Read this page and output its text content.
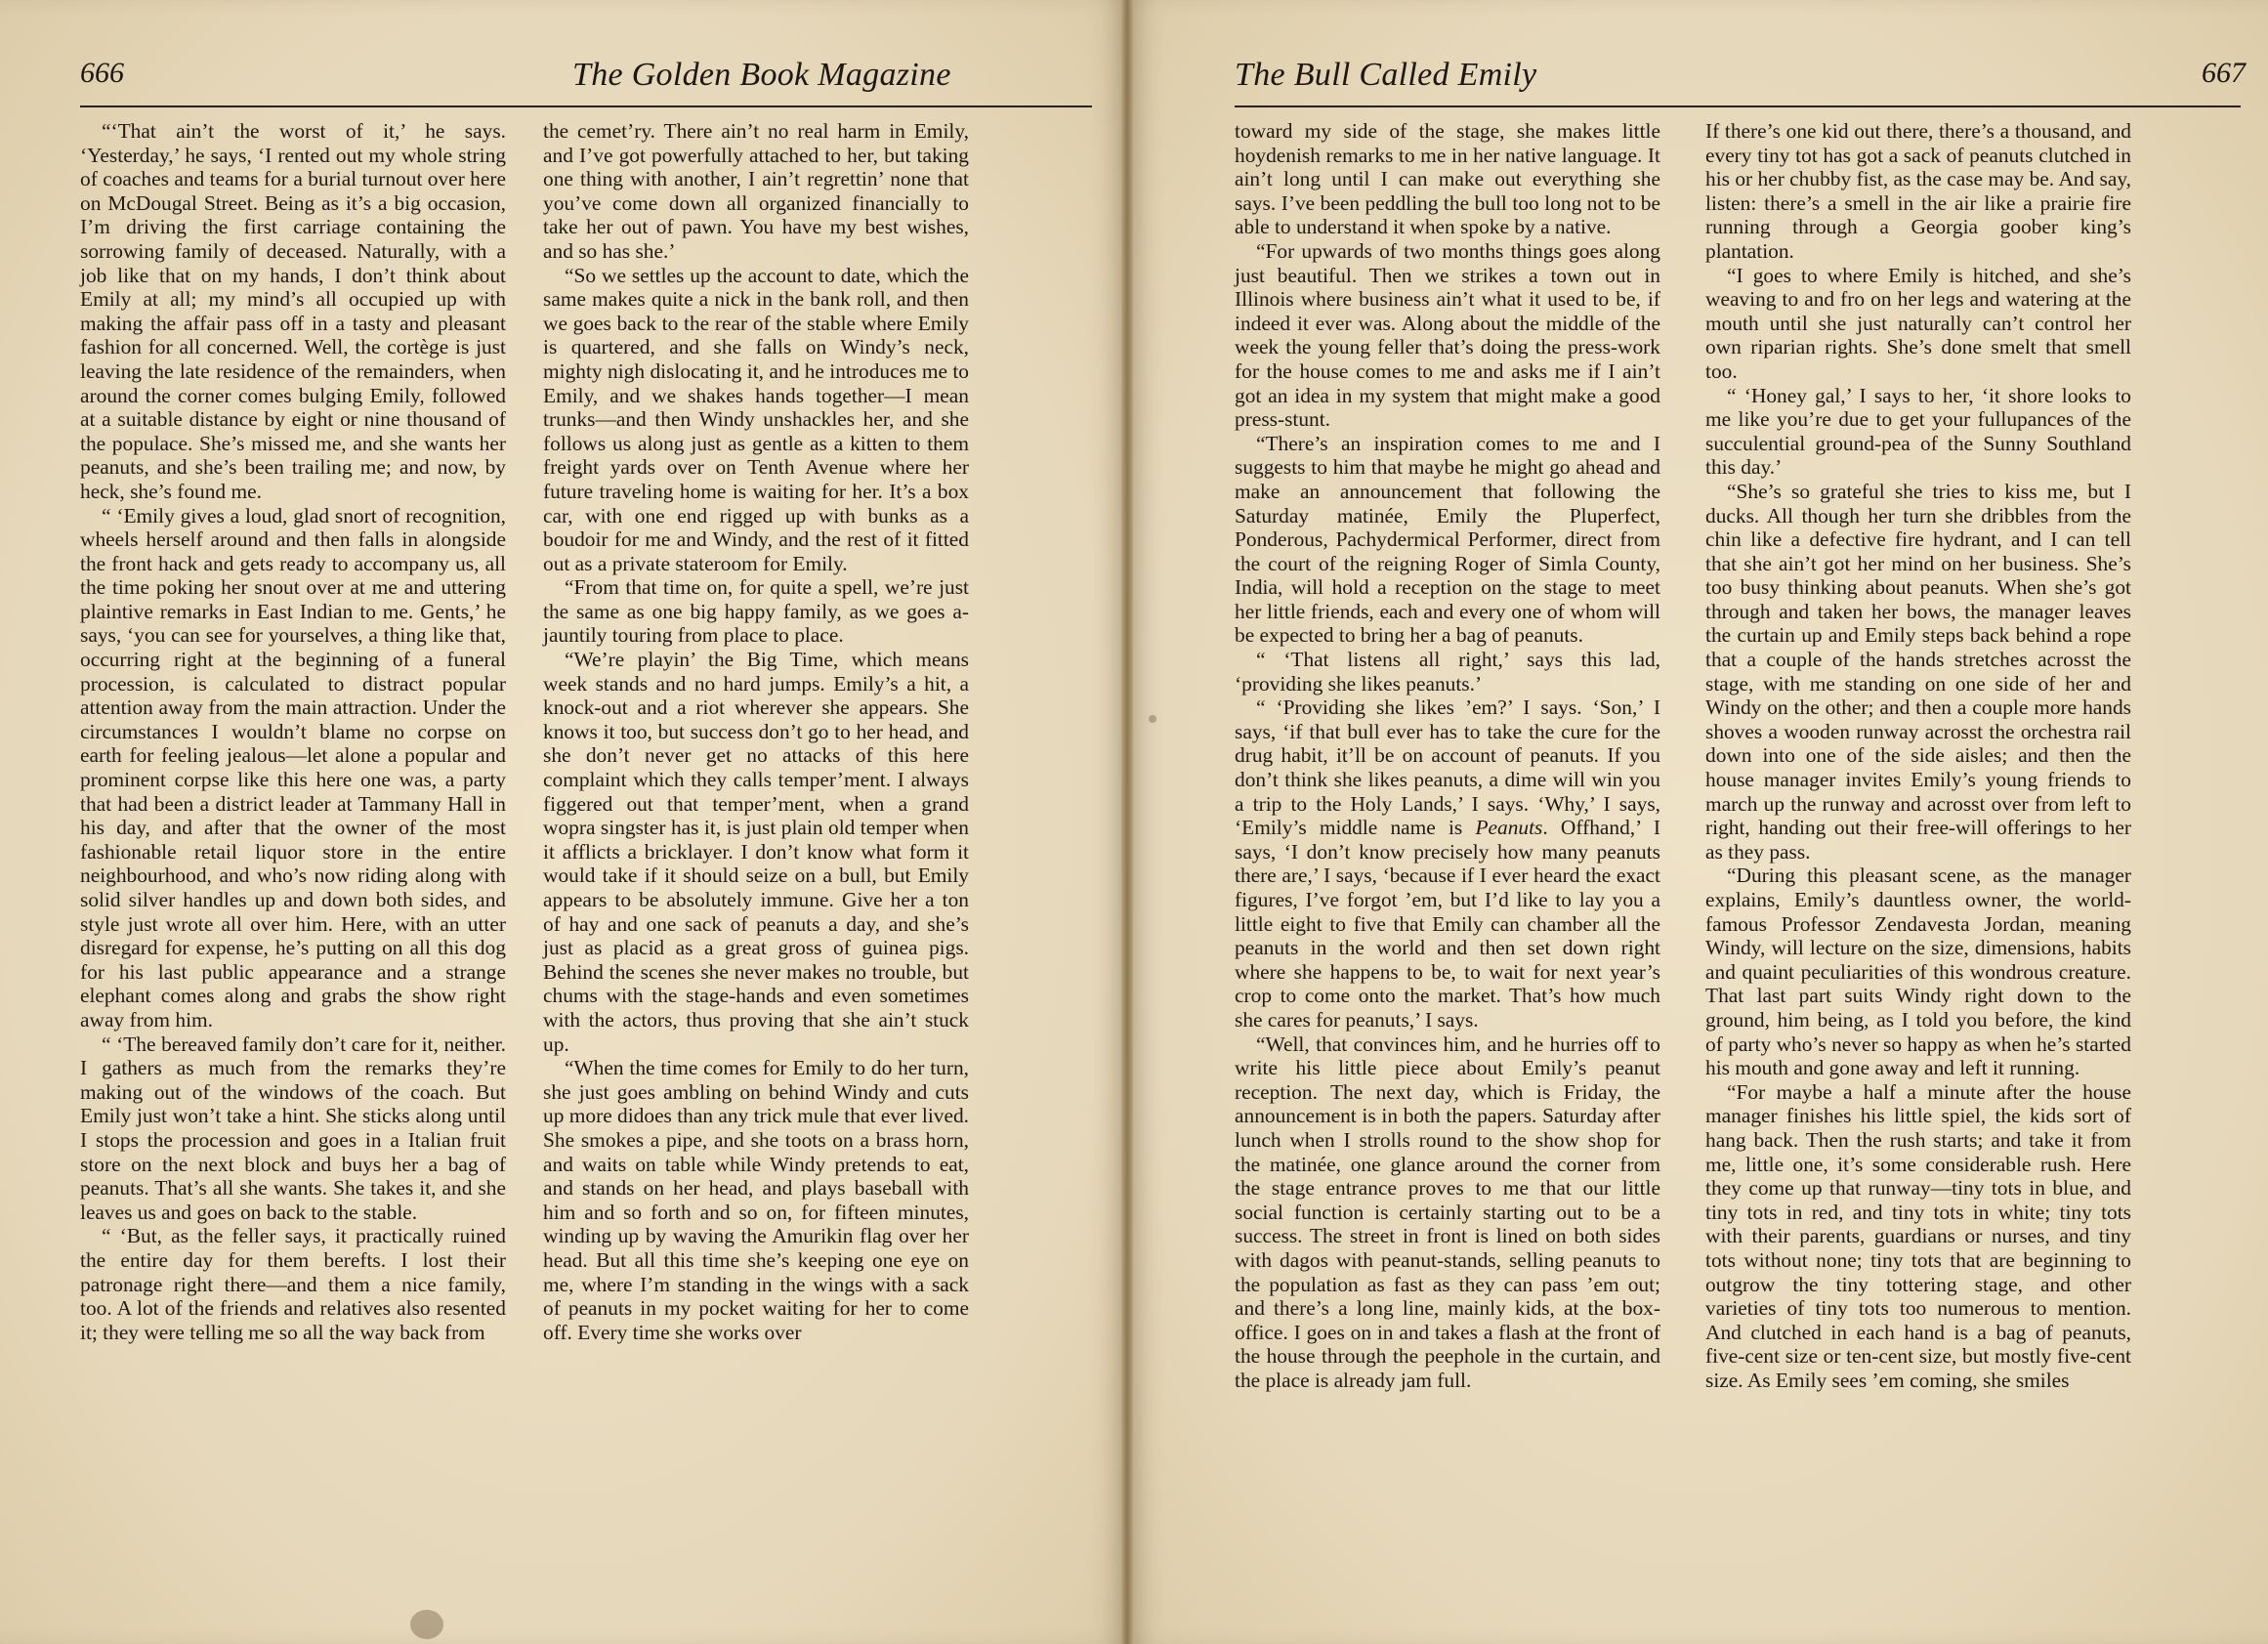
666	The Golden Book Magazine

“‘That ain’t the worst of it,’ he says. ‘Yesterday,’ he says, ‘I rented out my whole string of coaches and teams for a burial turnout over here on McDougal Street. Being as it’s a big occasion, I’m driving the first carriage containing the sorrowing family of deceased. Naturally, with a job like that on my hands, I don’t think about Emily at all; my mind’s all occupied up with making the affair pass off in a tasty and pleasant fashion for all concerned. Well, the cortège is just leaving the late residence of the remainders, when around the corner comes bulging Emily, followed at a suitable distance by eight or nine thousand of the populace. She’s missed me, and she wants her peanuts, and she’s been trailing me; and now, by heck, she’s found me.

“ ‘Emily gives a loud, glad snort of recognition, wheels herself around and then falls in alongside the front hack and gets ready to accompany us, all the time poking her snout over at me and uttering plaintive remarks in East Indian to me. Gents,’ he says, ‘you can see for yourselves, a thing like that, occurring right at the beginning of a funeral procession, is calculated to distract popular attention away from the main attraction. Under the circumstances I wouldn’t blame no corpse on earth for feeling jealous—let alone a popular and prominent corpse like this here one was, a party that had been a district leader at Tammany Hall in his day, and after that the owner of the most fashionable retail liquor store in the entire neighbourhood, and who’s now riding along with solid silver handles up and down both sides, and style just wrote all over him. Here, with an utter disregard for expense, he’s putting on all this dog for his last public appearance and a strange elephant comes along and grabs the show right away from him.

“ ‘The bereaved family don’t care for it, neither. I gathers as much from the remarks they’re making out of the windows of the coach. But Emily just won’t take a hint. She sticks along until I stops the procession and goes in a Italian fruit store on the next block and buys her a bag of peanuts. That’s all she wants. She takes it, and she leaves us and goes on back to the stable.

“ ‘But, as the feller says, it practically ruined the entire day for them berefts. I lost their patronage right there—and them a nice family, too. A lot of the friends and relatives also resented it; they were telling me so all the way back from

the cemet’ry. There ain’t no real harm in Emily, and I’ve got powerfully attached to her, but taking one thing with another, I ain’t regrettin’ none that you’ve come down all organized financially to take her out of pawn. You have my best wishes, and so has she.’

“So we settles up the account to date, which the same makes quite a nick in the bank roll, and then we goes back to the rear of the stable where Emily is quartered, and she falls on Windy’s neck, mighty nigh dislocating it, and he introduces me to Emily, and we shakes hands together—I mean trunks—and then Windy unshackles her, and she follows us along just as gentle as a kitten to them freight yards over on Tenth Avenue where her future traveling home is waiting for her. It’s a box car, with one end rigged up with bunks as a boudoir for me and Windy, and the rest of it fitted out as a private stateroom for Emily.

“From that time on, for quite a spell, we’re just the same as one big happy family, as we goes a-jauntily touring from place to place.

“We’re playin’ the Big Time, which means week stands and no hard jumps. Emily’s a hit, a knock-out and a riot wherever she appears. She knows it too, but success don’t go to her head, and she don’t never get no attacks of this here complaint which they calls temper’ment. I always figgered out that temper’ment, when a grand wopra singster has it, is just plain old temper when it afflicts a bricklayer. I don’t know what form it would take if it should seize on a bull, but Emily appears to be absolutely immune. Give her a ton of hay and one sack of peanuts a day, and she’s just as placid as a great gross of guinea pigs. Behind the scenes she never makes no trouble, but chums with the stage-hands and even sometimes with the actors, thus proving that she ain’t stuck up.

“When the time comes for Emily to do her turn, she just goes ambling on behind Windy and cuts up more didoes than any trick mule that ever lived. She smokes a pipe, and she toots on a brass horn, and waits on table while Windy pretends to eat, and stands on her head, and plays baseball with him and so forth and so on, for fifteen minutes, winding up by waving the Amurikin flag over her head. But all this time she’s keeping one eye on me, where I’m standing in the wings with a sack of peanuts in my pocket waiting for her to come off. Every time she works over

The Bull Called Emily	667

toward my side of the stage, she makes little hoydenish remarks to me in her native language. It ain’t long until I can make out everything she says. I’ve been peddling the bull too long not to be able to understand it when spoke by a native.

“For upwards of two months things goes along just beautiful. Then we strikes a town out in Illinois where business ain’t what it used to be, if indeed it ever was. Along about the middle of the week the young feller that’s doing the press-work for the house comes to me and asks me if I ain’t got an idea in my system that might make a good press-stunt.

“There’s an inspiration comes to me and I suggests to him that maybe he might go ahead and make an announcement that following the Saturday matinée, Emily the Pluperfect, Ponderous, Pachydermical Performer, direct from the court of the reigning Roger of Simla County, India, will hold a reception on the stage to meet her little friends, each and every one of whom will be expected to bring her a bag of peanuts.

“ ‘That listens all right,’ says this lad, ‘providing she likes peanuts.’

“ ‘Providing she likes ’em?’ I says. ‘Son,’ I says, ‘if that bull ever has to take the cure for the drug habit, it’ll be on account of peanuts. If you don’t think she likes peanuts, a dime will win you a trip to the Holy Lands,’ I says. ‘Why,’ I says, ‘Emily’s middle name is Peanuts. Offhand,’ I says, ‘I don’t know precisely how many peanuts there are,’ I says, ‘because if I ever heard the exact figures, I’ve forgot ’em, but I’d like to lay you a little eight to five that Emily can chamber all the peanuts in the world and then set down right where she happens to be, to wait for next year’s crop to come onto the market. That’s how much she cares for peanuts,’ I says.

“Well, that convinces him, and he hurries off to write his little piece about Emily’s peanut reception. The next day, which is Friday, the announcement is in both the papers. Saturday after lunch when I strolls round to the show shop for the matinée, one glance around the corner from the stage entrance proves to me that our little social function is certainly starting out to be a success. The street in front is lined on both sides with dagos with peanut-stands, selling peanuts to the population as fast as they can pass ’em out; and there’s a long line, mainly kids, at the box-office. I goes on in and takes a flash at the front of the house through the peephole in the curtain, and the place is already jam full.

If there’s one kid out there, there’s a thousand, and every tiny tot has got a sack of peanuts clutched in his or her chubby fist, as the case may be. And say, listen: there’s a smell in the air like a prairie fire running through a Georgia goober king’s plantation.

“I goes to where Emily is hitched, and she’s weaving to and fro on her legs and watering at the mouth until she just naturally can’t control her own riparian rights. She’s done smelt that smell too.

“ ‘Honey gal,’ I says to her, ‘it shore looks to me like you’re due to get your fullupances of the succulential ground-pea of the Sunny Southland this day.’

“She’s so grateful she tries to kiss me, but I ducks. All though her turn she dribbles from the chin like a defective fire hydrant, and I can tell that she ain’t got her mind on her business. She’s too busy thinking about peanuts. When she’s got through and taken her bows, the manager leaves the curtain up and Emily steps back behind a rope that a couple of the hands stretches acrosst the stage, with me standing on one side of her and Windy on the other; and then a couple more hands shoves a wooden runway acrosst the orchestra rail down into one of the side aisles; and then the house manager invites Emily’s young friends to march up the runway and acrosst over from left to right, handing out their free-will offerings to her as they pass.

“During this pleasant scene, as the manager explains, Emily’s dauntless owner, the world-famous Professor Zendavesta Jordan, meaning Windy, will lecture on the size, dimensions, habits and quaint peculiarities of this wondrous creature. That last part suits Windy right down to the ground, him being, as I told you before, the kind of party who’s never so happy as when he’s started his mouth and gone away and left it running.

“For maybe a half a minute after the house manager finishes his little spiel, the kids sort of hang back. Then the rush starts; and take it from me, little one, it’s some considerable rush. Here they come up that runway—tiny tots in blue, and tiny tots in red, and tiny tots in white; tiny tots with their parents, guardians or nurses, and tiny tots without none; tiny tots that are beginning to outgrow the tiny tottering stage, and other varieties of tiny tots too numerous to mention. And clutched in each hand is a bag of peanuts, five-cent size or ten-cent size, but mostly five-cent size. As Emily sees ’em coming, she smiles
